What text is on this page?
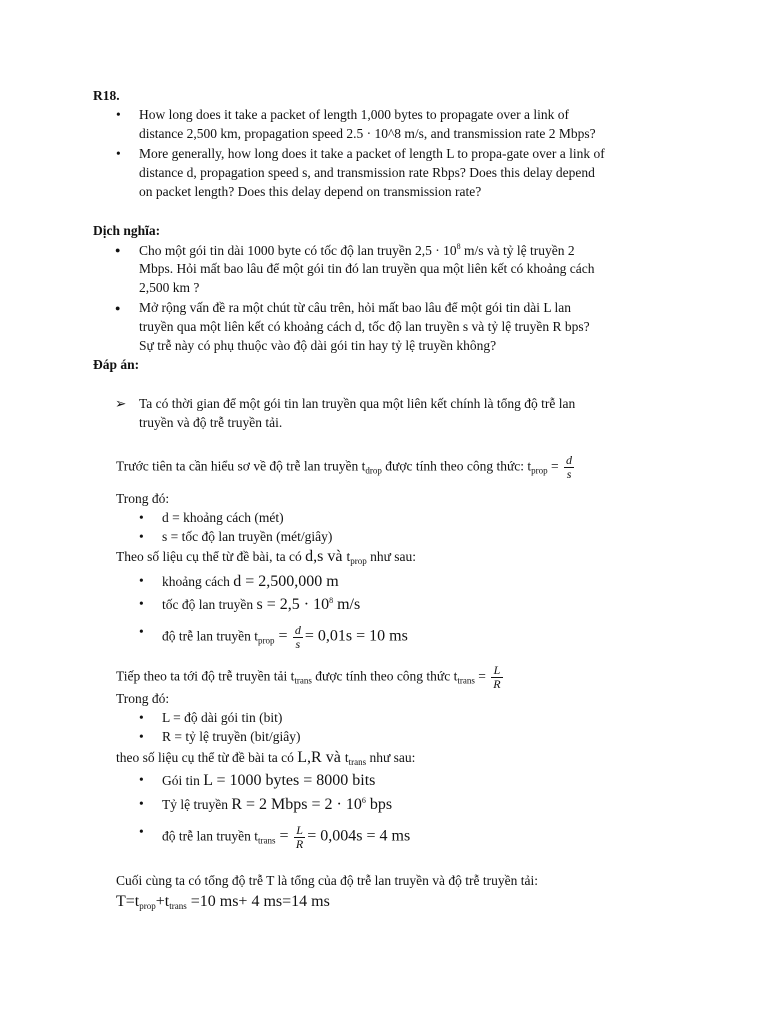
R18.
• How long does it take a packet of length 1,000 bytes to propagate over a link of
distance 2,500 km, propagation speed 2.5 · 10^8 m/s, and transmission rate 2 Mbps?
• More generally, how long does it take a packet of length L to propa-gate over a link of
distance d, propagation speed s, and transmission rate Rbps? Does this delay depend
on packet length? Does this delay depend on transmission rate?
Dịch nghĩa:
● Cho một gói tin dài 1000 byte có tốc độ lan truyền $2,5 \cdot 10^8$ m/s và tỷ lệ truyền 2
Mbps. Hỏi mất bao lâu để một gói tin đó lan truyền qua một liên kết có khoảng cách
2,500 km ?
● Mở rộng vấn đề ra một chút từ câu trên, hỏi mất bao lâu để một gói tin dài L lan
truyền qua một liên kết có khoảng cách d, tốc độ lan truyền s và tỷ lệ truyền R bps?
Sự trễ này có phụ thuộc vào độ dài gói tin hay tỷ lệ truyền không?
Đáp án:
➢ Ta có thời gian để một gói tin lan truyền qua một liên kết chính là tổng độ trễ lan
truyền và độ trễ truyền tải.
Trước tiên ta cần hiểu sơ về độ trễ lan truyền $t_{drop}$ được tính theo công thức: $t_{prop} = \frac{d}{s}$
Trong đó:
• d = khoảng cách (mét)
• s = tốc độ lan truyền (mét/giây)
Theo số liệu cụ thể từ đề bài, ta có d,s và $t_{prop}$ như sau:
• khoảng cách d = 2,500,000 m
• tốc độ lan truyền $s = 2,5 \cdot 10^8$ m/s
• độ trễ lan truyền $t_{prop} = \frac{d}{s} = 0,01s = 10$ ms
Tiếp theo ta tới độ trễ truyền tải $t_{trans}$ được tính theo công thức $t_{trans} = \frac{L}{R}$
Trong đó:
• L = độ dài gói tin (bit)
• R = tỷ lệ truyền (bit/giây)
theo số liệu cụ thể từ đề bài ta có L,R và $t_{trans}$ như sau:
• Gói tin L = 1000 bytes = 8000 bits
• Tỷ lệ truyền R = 2 Mbps = $2 \cdot 10^6$ bps
• độ trễ lan truyền $t_{trans} = \frac{L}{R} = 0,004s = 4$ ms
Cuối cùng ta có tổng độ trễ T là tổng của độ trễ lan truyền và độ trễ truyền tải:
$T=t_{prop}+t_{trans} =10$ ms+ 4 ms=14 ms
